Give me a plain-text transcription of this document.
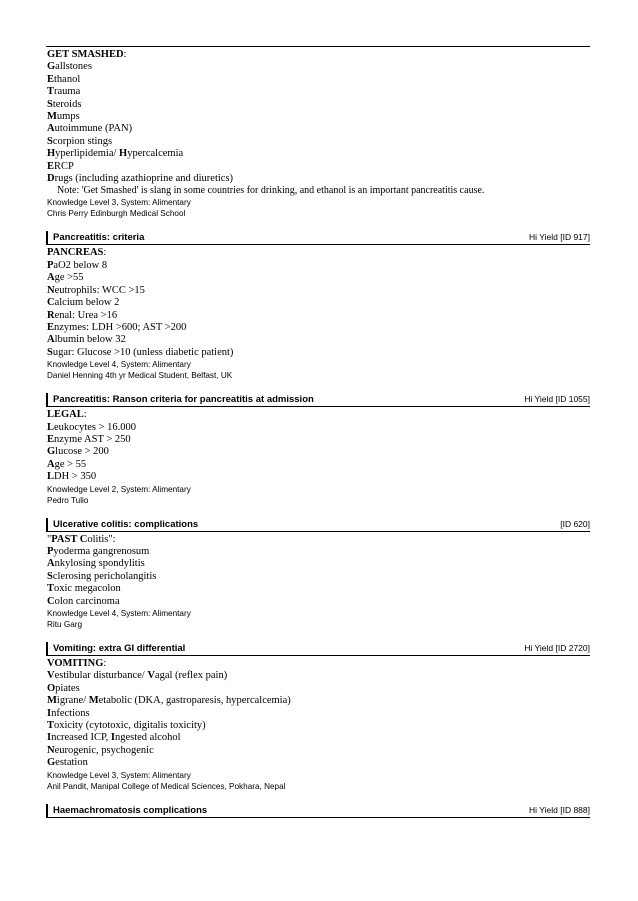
GET SMASHED:
Gallstones
Ethanol
Trauma
Steroids
Mumps
Autoimmune (PAN)
Scorpion stings
Hyperlipidemia/ Hypercalcemia
ERCP
Drugs (including azathioprine and diuretics)
Note: 'Get Smashed' is slang in some countries for drinking, and ethanol is an important pancreatitis cause.
Knowledge Level 3, System: Alimentary
Chris Perry Edinburgh Medical School
Pancreatitis: criteria	Hi Yield [ID 917]
PANCREAS:
PaO2 below 8
Age >55
Neutrophils: WCC >15
Calcium below 2
Renal: Urea >16
Enzymes: LDH >600; AST >200
Albumin below 32
Sugar: Glucose >10 (unless diabetic patient)
Knowledge Level 4, System: Alimentary
Daniel Henning 4th yr Medical Student, Belfast, UK
Pancreatitis: Ranson criteria for pancreatitis at admission	Hi Yield [ID 1055]
LEGAL:
Leukocytes > 16.000
Enzyme AST > 250
Glucose > 200
Age > 55
LDH > 350
Knowledge Level 2, System: Alimentary
Pedro Tulio
Ulcerative colitis: complications	[ID 620]
"PAST Colitis":
Pyoderma gangrenosum
Ankylosing spondylitis
Sclerosing pericholangitis
Toxic megacolon
Colon carcinoma
Knowledge Level 4, System: Alimentary
Ritu Garg
Vomiting: extra GI differential	Hi Yield [ID 2720]
VOMITING:
Vestibular disturbance/ Vagal (reflex pain)
Opiates
Migrane/ Metabolic (DKA, gastroparesis, hypercalcemia)
Infections
Toxicity (cytotoxic, digitalis toxicity)
Increased ICP, Ingested alcohol
Neurogenic, psychogenic
Gestation
Knowledge Level 3, System: Alimentary
Anil Pandit, Manipal College of Medical Sciences, Pokhara, Nepal
Haemachromatosis complications	Hi Yield [ID 888]
